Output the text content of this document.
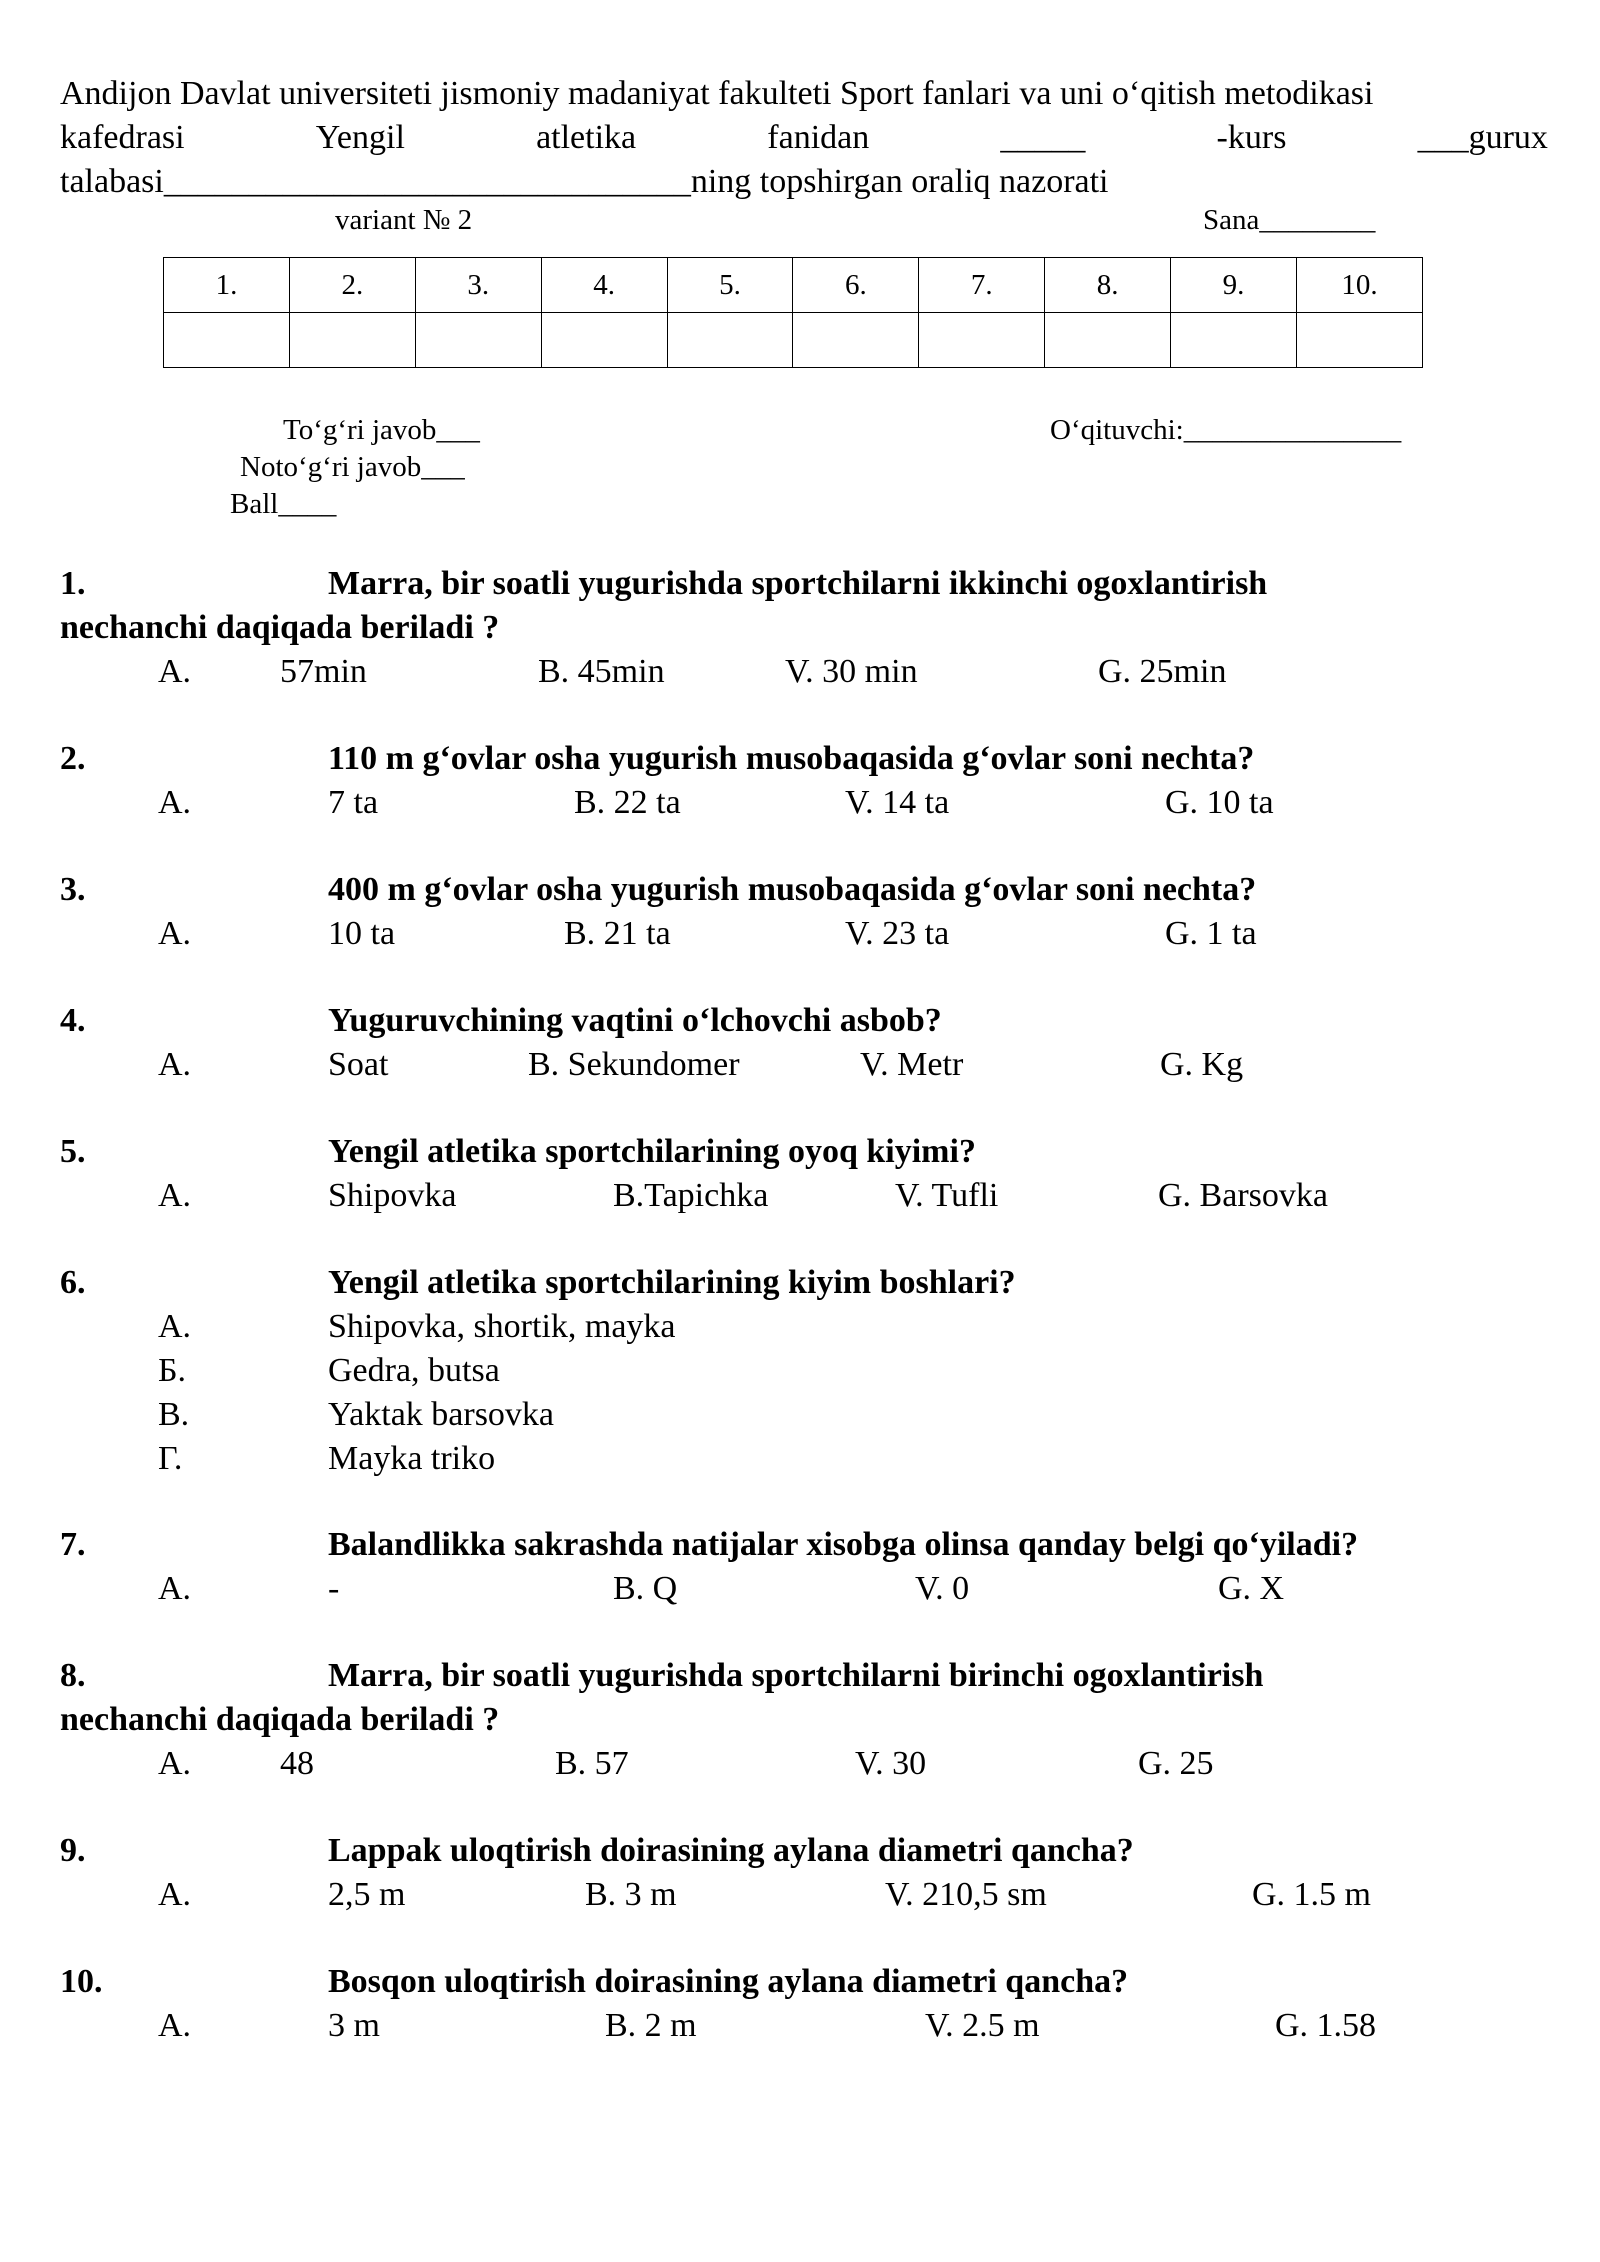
Andijon Davlat universiteti jismoniy madaniyat fakulteti Sport fanlari va uni oʻqitish metodikasi
kafedrasi	Yengil	atletika	fanidan	_____	-kurs	___gurux
talabasi_______________________________ning topshirgan oraliq nazorati
variant № 2	Sana________
1.	2.	3.	4.	5.	6.	7.	8.	9.	10.

Toʻgʻri javob___
Notoʻgʻri javob___
Ball____
Oʻqituvchi:_______________
1.	Marra, bir soatli yugurishda sportchilarni ikkinchi ogoxlantirish
nechanchi daqiqada beriladi ?
A.	57min	B. 45min	V. 30 min	G. 25min
2.	110 m gʻovlar osha yugurish musobaqasida gʻovlar soni nechta?
A.	7 ta	B. 22 ta	V. 14 ta	G. 10 ta
3.	400 m gʻovlar osha yugurish musobaqasida gʻovlar soni nechta?
A.	10 ta	B. 21 ta	V. 23 ta	G. 1 ta
4.	Yuguruvchining vaqtini oʻlchovchi asbob?
A.	Soat	B. Sekundomer	V. Metr	G. Kg
5.	Yengil atletika sportchilarining oyoq kiyimi?
A.	Shipovka	B.Tapichka	V. Tufli	G. Barsovka
6.	Yengil atletika sportchilarining kiyim boshlari?
A.	Shipovka, shortik, mayka
Б.	Gedra, butsa
B.	Yaktak barsovka
Г.	Mayka triko
7.	Balandlikka sakrashda natijalar xisobga olinsa qanday belgi qoʻyiladi?
A.	-	B. Q	V. 0	G. X
8.	Marra, bir soatli yugurishda sportchilarni birinchi ogoxlantirish
nechanchi daqiqada beriladi ?
A.	48	B. 57	V. 30	G. 25
9.	Lappak uloqtirish doirasining aylana diametri qancha?
A.	2,5 m	B. 3 m	V. 210,5 sm	G. 1.5 m
10.	Bosqon uloqtirish doirasining aylana diametri qancha?
A.	3 m	B. 2 m	V. 2.5 m	G. 1.58
